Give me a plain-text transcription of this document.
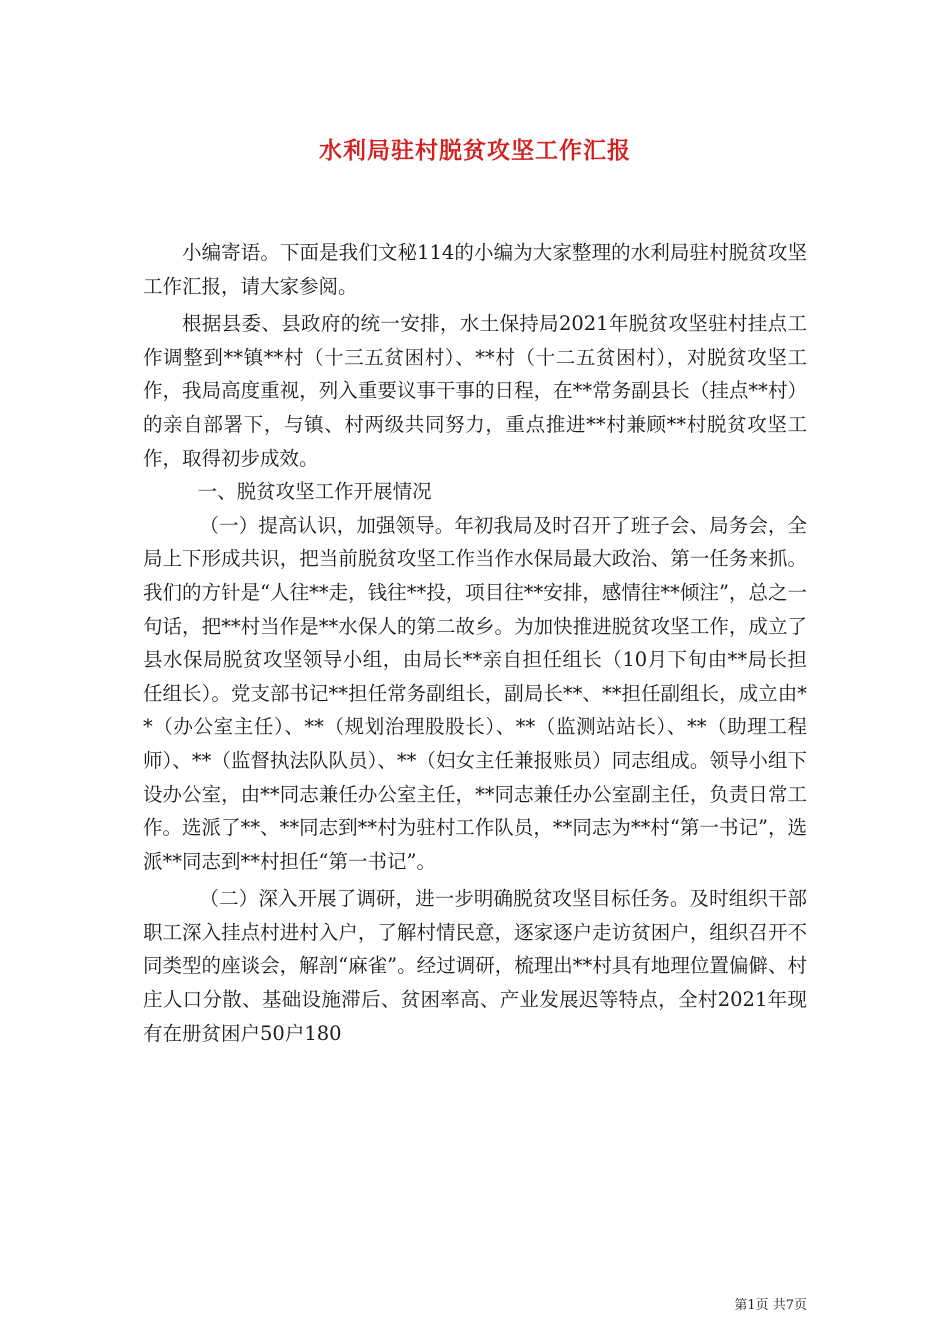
水利局驻村脱贫攻坚工作汇报

小编寄语。下面是我们文秘114的小编为大家整理的水利局驻村脱贫攻坚工作汇报，请大家参阅。

根据县委、县政府的统一安排，水土保持局2021年脱贫攻坚驻村挂点工作调整到**镇**村（十三五贫困村）、**村（十二五贫困村），对脱贫攻坚工作，我局高度重视，列入重要议事干事的日程，在**常务副县长（挂点**村）的亲自部署下，与镇、村两级共同努力，重点推进**村兼顾**村脱贫攻坚工作，取得初步成效。

一、脱贫攻坚工作开展情况

（一）提高认识，加强领导。年初我局及时召开了班子会、局务会，全局上下形成共识，把当前脱贫攻坚工作当作水保局最大政治、第一任务来抓。我们的方针是“人往**走，钱往**投，项目往**安排，感情往**倾注”，总之一句话，把**村当作是**水保人的第二故乡。为加快推进脱贫攻坚工作，成立了县水保局脱贫攻坚领导小组，由局长**亲自担任组长（10月下旬由**局长担任组长）。党支部书记**担任常务副组长，副局长**、**担任副组长，成立由**（办公室主任）、**（规划治理股股长）、**（监测站站长）、**（助理工程师）、**（监督执法队队员）、**（妇女主任兼报账员）同志组成。领导小组下设办公室，由**同志兼任办公室主任，**同志兼任办公室副主任，负责日常工作。选派了**、**同志到**村为驻村工作队员，**同志为**村“第一书记”，选派**同志到**村担任“第一书记”。

（二）深入开展了调研，进一步明确脱贫攻坚目标任务。及时组织干部职工深入挂点村进村入户，了解村情民意，逐家逐户走访贫困户，组织召开不同类型的座谈会，解剖“麻雀”。经过调研，梳理出**村具有地理位置偏僻、村庄人口分散、基础设施滞后、贫困率高、产业发展迟等特点，全村2021年现有在册贫困户50户180

第1页 共7页
